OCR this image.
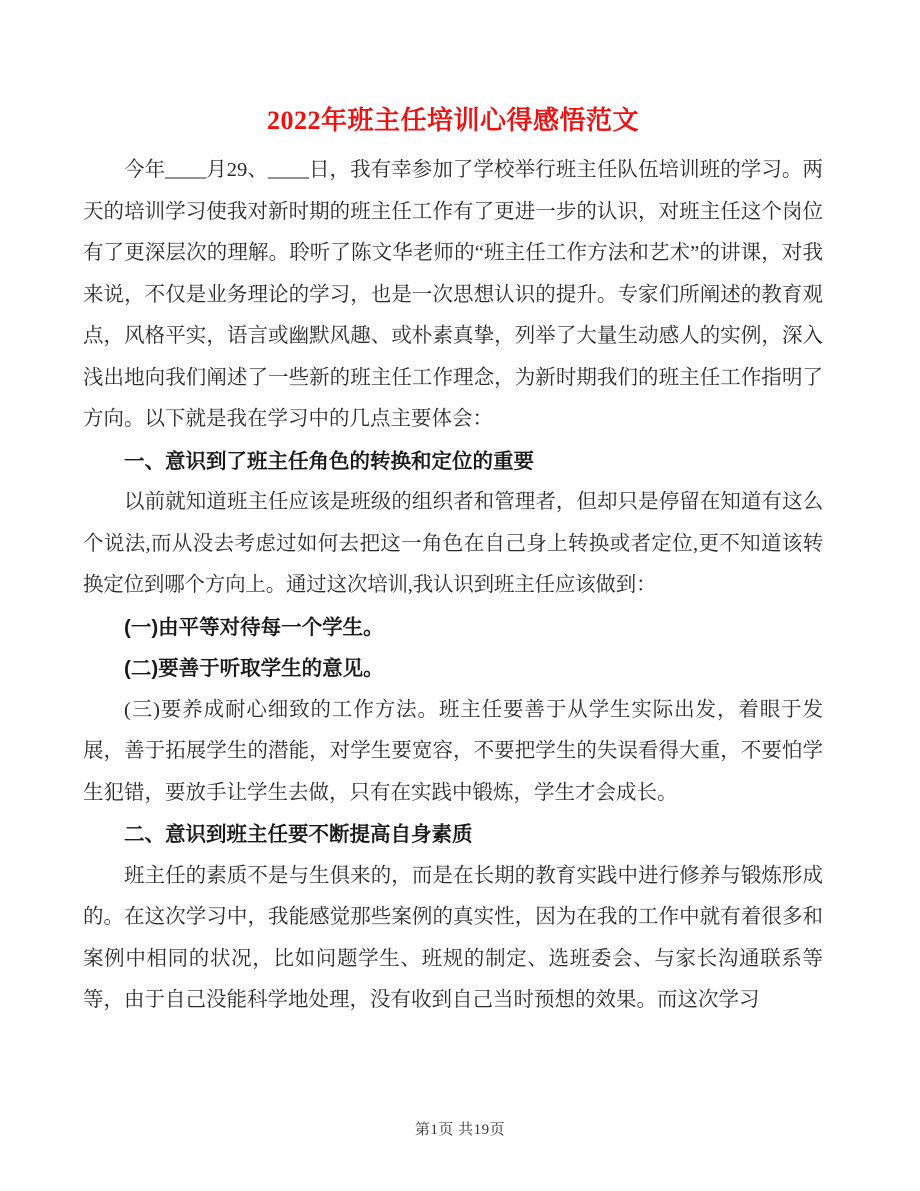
2022年班主任培训心得感悟范文

今年____月29、____日，我有幸参加了学校举行班主任队伍培训班的学习。两天的培训学习使我对新时期的班主任工作有了更进一步的认识，对班主任这个岗位有了更深层次的理解。聆听了陈文华老师的“班主任工作方法和艺术”的讲课，对我来说，不仅是业务理论的学习，也是一次思想认识的提升。专家们所阐述的教育观点，风格平实，语言或幽默风趣、或朴素真挚，列举了大量生动感人的实例，深入浅出地向我们阐述了一些新的班主任工作理念，为新时期我们的班主任工作指明了方向。以下就是我在学习中的几点主要体会：

一、意识到了班主任角色的转换和定位的重要

以前就知道班主任应该是班级的组织者和管理者，但却只是停留在知道有这么个说法,而从没去考虑过如何去把这一角色在自己身上转换或者定位,更不知道该转换定位到哪个方向上。通过这次培训,我认识到班主任应该做到：

(一)由平等对待每一个学生。

(二)要善于听取学生的意见。

(三)要养成耐心细致的工作方法。班主任要善于从学生实际出发，着眼于发展，善于拓展学生的潜能，对学生要宽容，不要把学生的失误看得大重，不要怕学生犯错，要放手让学生去做，只有在实践中锻炼，学生才会成长。

二、意识到班主任要不断提高自身素质

班主任的素质不是与生俱来的，而是在长期的教育实践中进行修养与锻炼形成的。在这次学习中，我能感觉那些案例的真实性，因为在我的工作中就有着很多和案例中相同的状况，比如问题学生、班规的制定、选班委会、与家长沟通联系等等，由于自己没能科学地处理，没有收到自己当时预想的效果。而这次学习

第1页 共19页
